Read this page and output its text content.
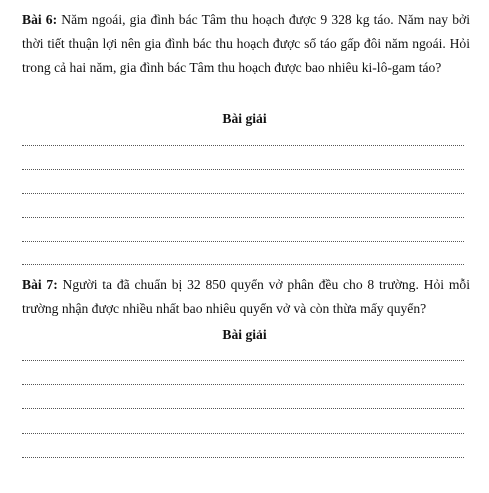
Bài 6: Năm ngoái, gia đình bác Tâm thu hoạch được 9 328 kg táo. Năm nay bởi thời tiết thuận lợi nên gia đình bác thu hoạch được số táo gấp đôi năm ngoái. Hỏi trong cả hai năm, gia đình bác Tâm thu hoạch được bao nhiêu ki-lô-gam táo?

Bài giải

Bài 7: Người ta đã chuẩn bị 32 850 quyển vở phân đều cho 8 trường. Hỏi mỗi trường nhận được nhiều nhất bao nhiêu quyển vở và còn thừa mấy quyển?

Bài giải
